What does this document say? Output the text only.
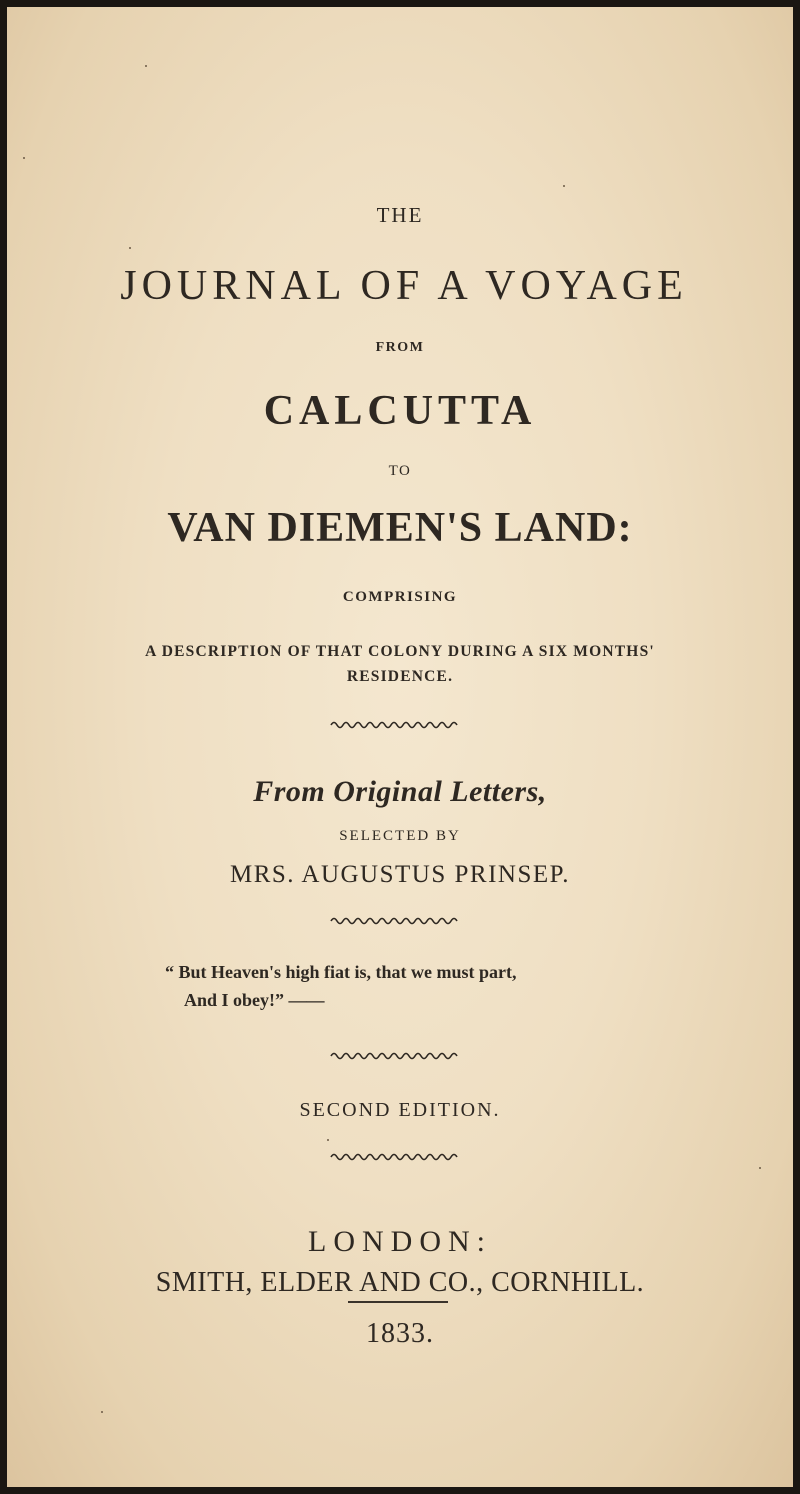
THE
JOURNAL OF A VOYAGE
FROM
CALCUTTA
TO
VAN DIEMEN'S LAND:
COMPRISING
A DESCRIPTION OF THAT COLONY DURING A SIX MONTHS'
RESIDENCE.
From Original Letters,
SELECTED BY
MRS. AUGUSTUS PRINSEP.
“ But Heaven's high fiat is, that we must part,
And I obey!” ——
SECOND EDITION.
LONDON:
SMITH, ELDER AND CO., CORNHILL.
1833.
